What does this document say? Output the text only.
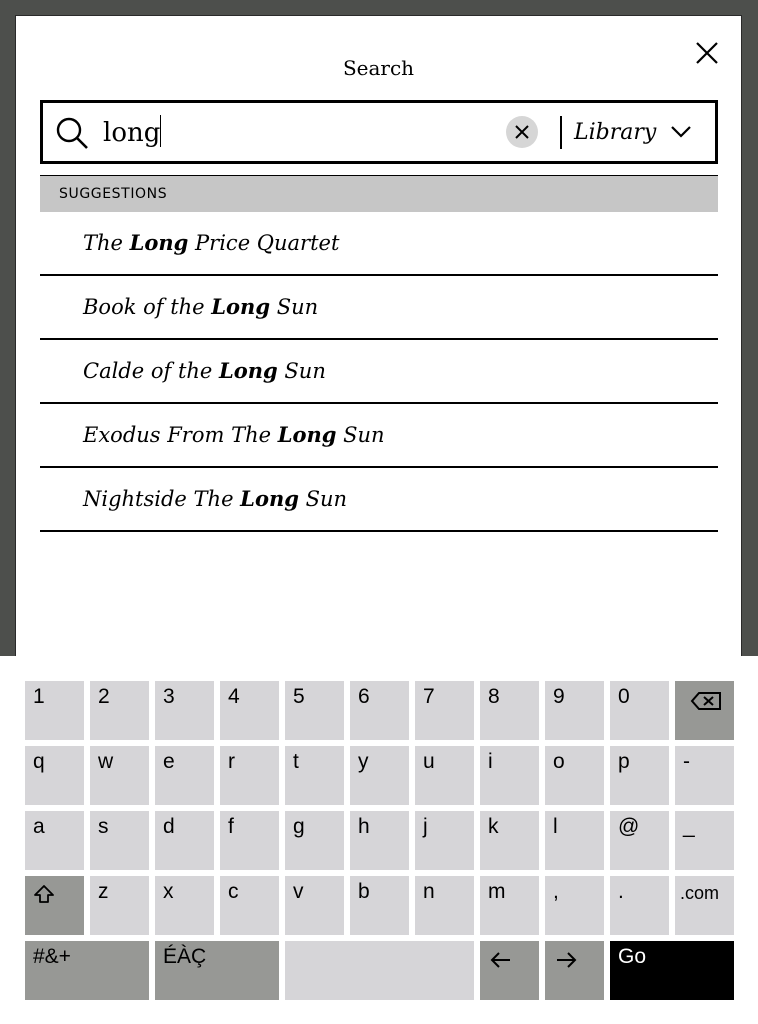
Search
long	Library
SUGGESTIONS
The Long Price Quartet
Book of the Long Sun
Calde of the Long Sun
Exodus From The Long Sun
Nightside The Long Sun
1	2	3	4	5	6	7	8	9	0
q	w e	r	t	y	u	i	o	p	-
a	s	d	f	g	h	j	k	l	@ _
z	x	c	v	b	n	m ,	.	.com
#&+	ÉÀÇ	Go
